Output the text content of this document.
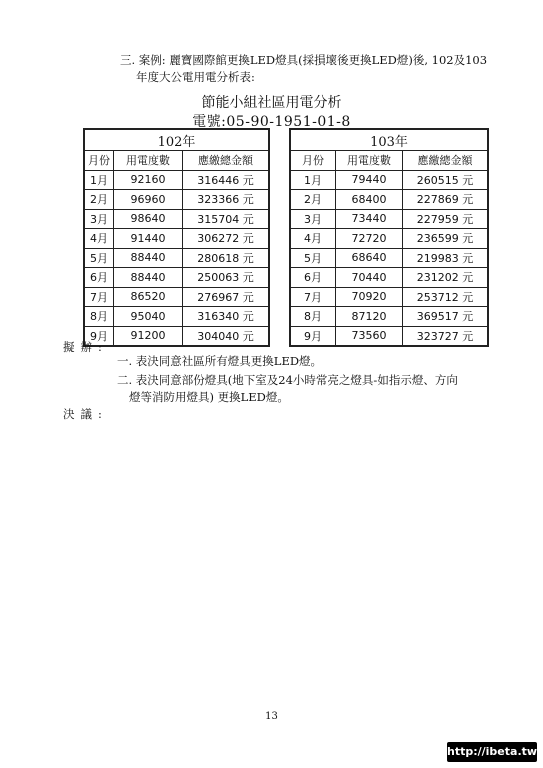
三. 案例: 麗寶國際館更換LED燈具(採損壞後更換LED燈)後, 102及103
年度大公電用電分析表:
節能小組社區用電分析
電號:05-90-1951-01-8
102年		
月份	用電度數	應繳總金額
1月	92160	316446 元
2月	96960	323366 元
3月	98640	315704 元
4月	91440	306272 元
5月	88440	280618 元
6月	88440	250063 元
7月	86520	276967 元
8月	95040	316340 元
9月	91200	304040 元
103年		
月份	用電度數	應繳總金額
1月	79440	260515 元
2月	68400	227869 元
3月	73440	227959 元
4月	72720	236599 元
5月	68640	219983 元
6月	70440	231202 元
7月	70920	253712 元
8月	87120	369517 元
9月	73560	323727 元
擬辦:
一. 表決同意社區所有燈具更換LED燈。
二. 表決同意部份燈具(地下室及24小時常亮之燈具-如指示燈、方向
燈等消防用燈具) 更換LED燈。
決議:
13
http://ibeta.tw
